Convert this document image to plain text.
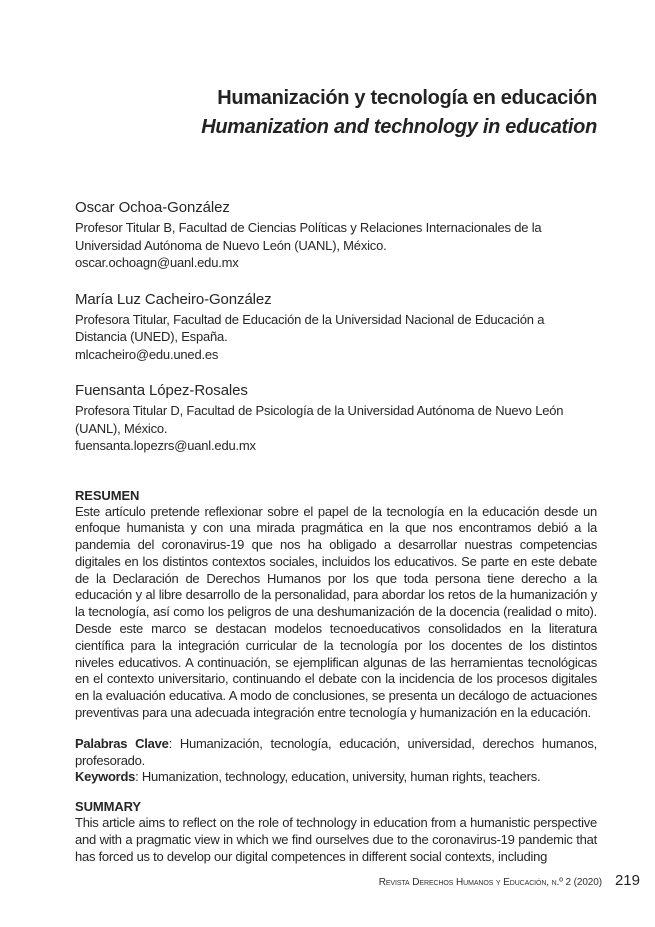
Humanización y tecnología en educación
Humanization and technology in education
Oscar Ochoa-González
Profesor Titular B, Facultad de Ciencias Políticas y Relaciones Internacionales de la Universidad Autónoma de Nuevo León (UANL), México.
oscar.ochoagn@uanl.edu.mx
María Luz Cacheiro-González
Profesora Titular, Facultad de Educación de la Universidad Nacional de Educación a Distancia (UNED), España.
mlcacheiro@edu.uned.es
Fuensanta López-Rosales
Profesora Titular D, Facultad de Psicología de la Universidad Autónoma de Nuevo León (UANL), México.
fuensanta.lopezrs@uanl.edu.mx
RESUMEN

Este artículo pretende reflexionar sobre el papel de la tecnología en la educación desde un enfoque humanista y con una mirada pragmática en la que nos encontramos debió a la pandemia del coronavirus-19 que nos ha obligado a desarrollar nuestras competencias digitales en los distintos contextos sociales, incluidos los educativos. Se parte en este debate de la Declaración de Derechos Humanos por los que toda persona tiene derecho a la educación y al libre desarrollo de la personalidad, para abordar los retos de la humanización y la tecnología, así como los peligros de una deshumanización de la docencia (realidad o mito). Desde este marco se destacan modelos tecnoeducativos consolidados en la literatura científica para la integración curricular de la tecnología por los docentes de los distintos niveles educativos. A continuación, se ejemplifican algunas de las herramientas tecnológicas en el contexto universitario, continuando el debate con la incidencia de los procesos digitales en la evaluación educativa. A modo de conclusiones, se presenta un decálogo de actuaciones preventivas para una adecuada integración entre tecnología y humanización en la educación.

Palabras Clave: Humanización, tecnología, educación, universidad, derechos humanos, profesorado.

Keywords: Humanization, technology, education, university, human rights, teachers.

SUMMARY

This article aims to reflect on the role of technology in education from a humanistic perspective and with a pragmatic view in which we find ourselves due to the coronavirus-19 pandemic that has forced us to develop our digital competences in different social contexts, including

Revista Derechos Humanos y Educación, n.º 2 (2020) 219
